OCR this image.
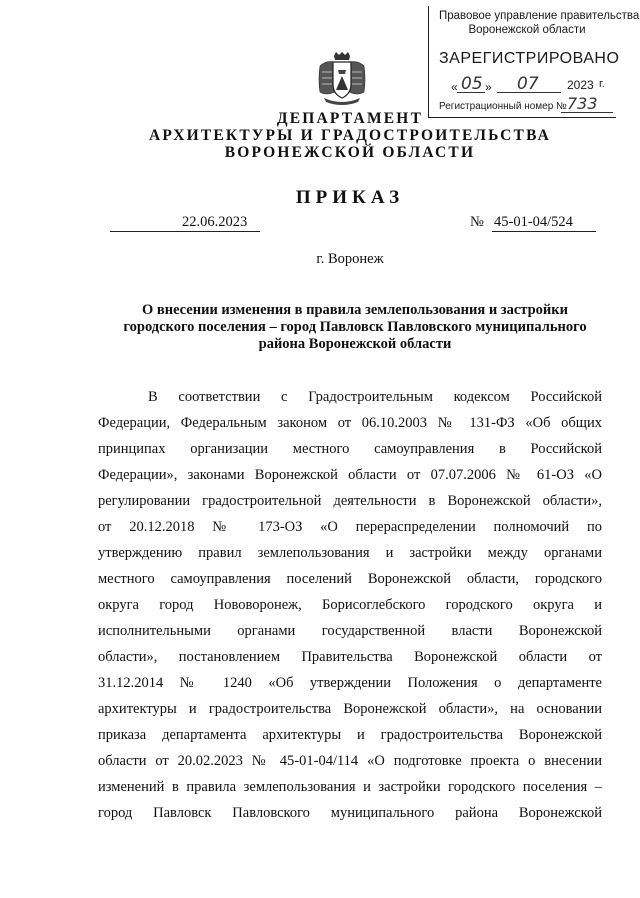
Правовое управление правительства
Воронежской области
ЗАРЕГИСТРИРОВАНО
« 05 » 07 2023 г.
Регистрационный номер № 733
ДЕПАРТАМЕНТ
АРХИТЕКТУРЫ И ГРАДОСТРОИТЕЛЬСТВА
ВОРОНЕЖСКОЙ ОБЛАСТИ
ПРИКАЗ
22.06.2023	№ 45-01-04/524
г. Воронеж
О внесении изменения в правила землепользования и застройки
городского поселения – город Павловск Павловского муниципального
района Воронежской области
В соответствии с Градостроительным кодексом Российской
Федерации, Федеральным законом от 06.10.2003 № 131-ФЗ «Об общих
принципах организации местного самоуправления в Российской
Федерации», законами Воронежской области от 07.07.2006 № 61-ОЗ «О
регулировании градостроительной деятельности в Воронежской области»,
от 20.12.2018 № 173-ОЗ «О перераспределении полномочий по
утверждению правил землепользования и застройки между органами
местного самоуправления поселений Воронежской области, городского
округа город Нововоронеж, Борисоглебского городского округа и
исполнительными органами государственной власти Воронежской
области», постановлением Правительства Воронежской области от
31.12.2014 № 1240 «Об утверждении Положения о департаменте
архитектуры и градостроительства Воронежской области», на основании
приказа департамента архитектуры и градостроительства Воронежской
области от 20.02.2023 № 45-01-04/114 «О подготовке проекта о внесении
изменений в правила землепользования и застройки городского поселения –
город Павловск Павловского муниципального района Воронежской
